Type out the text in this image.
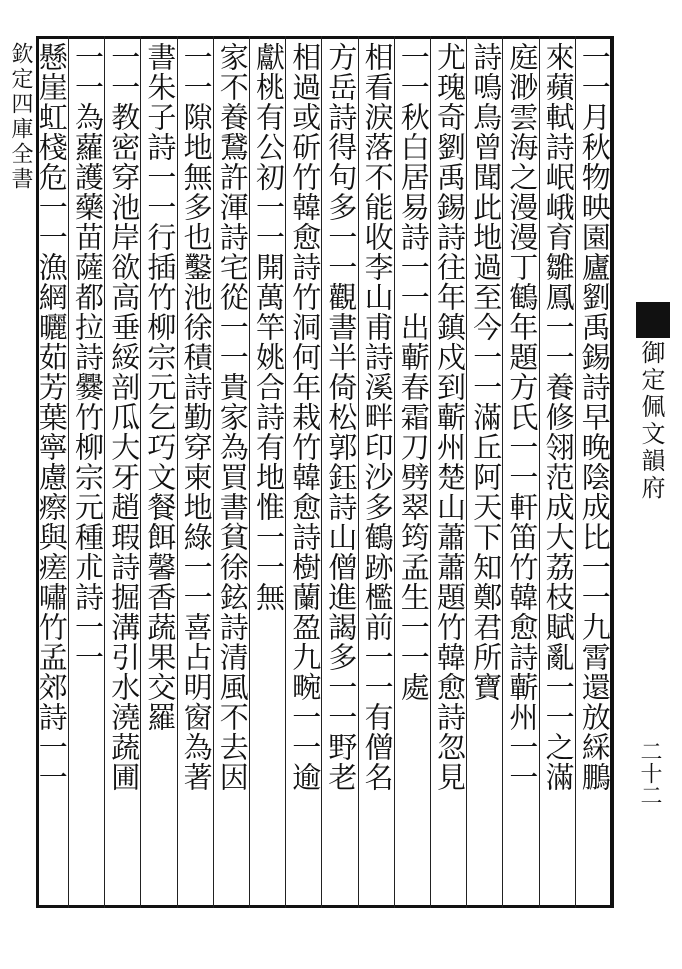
欽定四庫全書
御定佩文韻府
二十二
一一月秋物映園廬劉禹錫詩早晚陰成比一一九霄還放綵鵬
來蘋軾詩岷峨育雛鳳一一養修翎范成大荔枝賦亂一一之滿
庭渺雲海之漫漫丁鶴年題方氏一一軒笛竹韓愈詩蘄州一一
詩鳴鳥曾聞此地過至今一一滿丘阿天下知鄭君所寶
尤瑰奇劉禹錫詩往年鎮戍到蘄州楚山蕭蕭題竹韓愈詩忽見
一一秋白居易詩一一出蘄春霜刀劈翠筠孟生一一處
相看淚落不能收李山甫詩溪畔印沙多鶴跡檻前一一有僧名
方岳詩得句多一一觀書半倚松郭鈺詩山僧進謁多一一野老
相過或斫竹韓愈詩竹洞何年栽竹韓愈詩樹蘭盈九畹一一逾
獻桃有公初一一開萬竿姚合詩有地惟一一無
家不養鵞許渾詩宅從一一貴家為買書貧徐鉉詩清風不去因
一一隙地無多也鑿池徐積詩勤穿柬地綠一一喜占明窗為著
書朱子詩一一行插竹柳宗元乞巧文餐餌馨香蔬果交羅
一一教密穿池岸欲高垂綏剖瓜大牙趙瑕詩掘溝引水澆蔬圃
一一為蘿護藥苗薩都拉詩爨竹柳宗元種朮詩一一
懸崖虹棧危一一漁網曬茹芳葉寧慮瘵與瘥嘯竹孟郊詩一一
